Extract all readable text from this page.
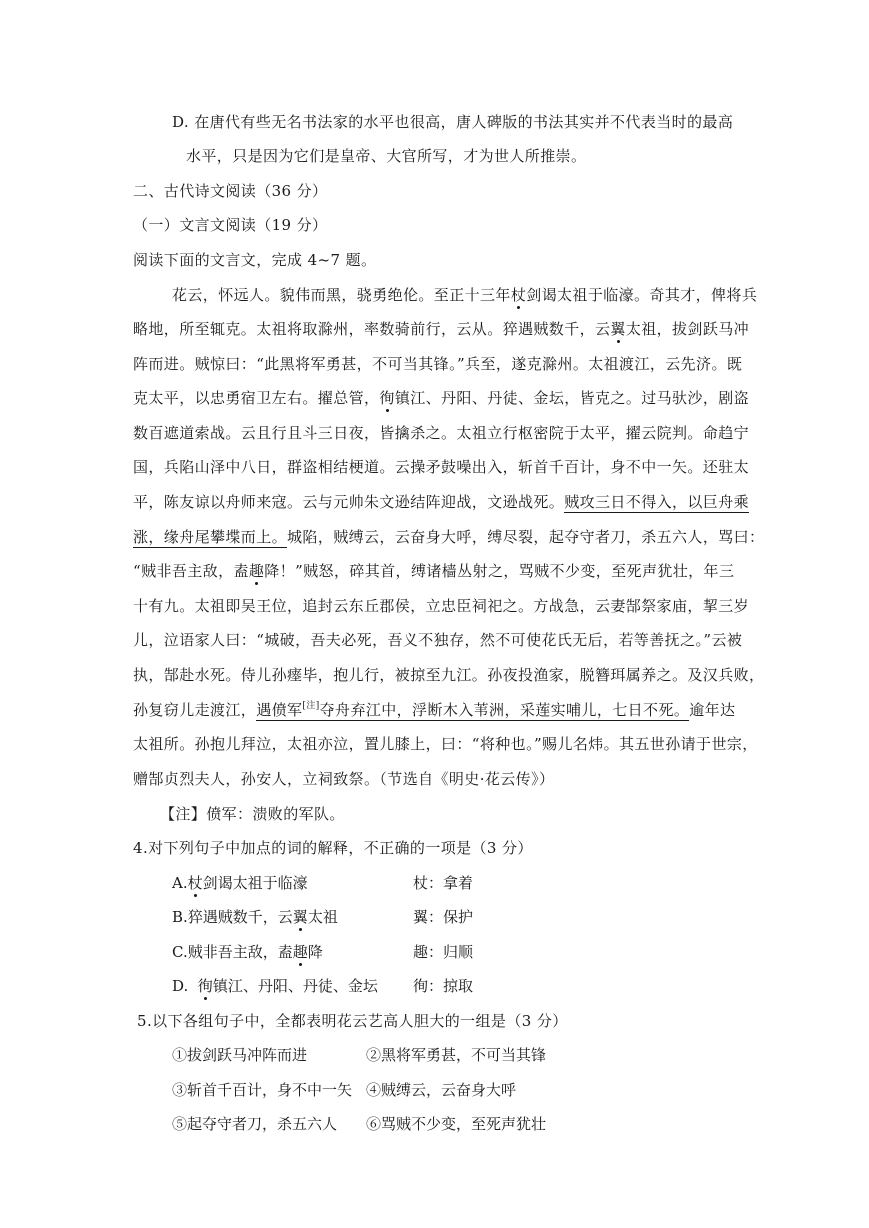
D. 在唐代有些无名书法家的水平也很高，唐人碑版的书法其实并不代表当时的最高
水平，只是因为它们是皇帝、大官所写，才为世人所推崇。
二、古代诗文阅读（36 分）
（一）文言文阅读（19 分）
阅读下面的文言文，完成 4~7 题。
花云，怀远人。貌伟而黑，骁勇绝伦。至正十三年杖剑谒太祖于临濠。奇其才，俾将兵
略地，所至辄克。太祖将取滁州，率数骑前行，云从。猝遇贼数千，云翼太祖，拔剑跃马冲
阵而进。贼惊曰：“此黑将军勇甚，不可当其锋。”兵至，遂克滁州。太祖渡江，云先济。既
克太平，以忠勇宿卫左右。擢总管，徇镇江、丹阳、丹徒、金坛，皆克之。过马驮沙，剧盗
数百遮道索战。云且行且斗三日夜，皆擒杀之。太祖立行枢密院于太平，擢云院判。命趋宁
国，兵陷山泽中八日，群盗相结梗道。云操矛鼓噪出入，斩首千百计，身不中一矢。还驻太
平，陈友谅以舟师来寇。云与元帅朱文逊结阵迎战，文逊战死。贼攻三日不得入，以巨舟乘
涨，缘舟尾攀堞而上。城陷，贼缚云，云奋身大呼，缚尽裂，起夺守者刀，杀五六人，骂曰：
“贼非吾主敌，盍趣降！”贼怒，碎其首，缚诸樯丛射之，骂贼不少变，至死声犹壮，年三
十有九。太祖即吴王位，追封云东丘郡侯，立忠臣祠祀之。方战急，云妻郜祭家庙，挈三岁
儿，泣语家人曰：“城破，吾夫必死，吾义不独存，然不可使花氏无后，若等善抚之。”云被
执，郜赴水死。侍儿孙瘗毕，抱儿行，被掠至九江。孙夜投渔家，脱簪珥属养之。及汉兵败，
孙复窃儿走渡江，遇偾军[注]夺舟弃江中，浮断木入苇洲，采莲实哺儿，七日不死。逾年达
太祖所。孙抱儿拜泣，太祖亦泣，置儿膝上，曰：“将种也。”赐儿名炜。其五世孙请于世宗，
赠郜贞烈夫人，孙安人，立祠致祭。（节选自《明史·花云传》）
【注】偾军：溃败的军队。
4.对下列句子中加点的词的解释，不正确的一项是（3 分）
A.杖剑谒太祖于临濠	杖：拿着
B.猝遇贼数千，云翼太祖	翼：保护
C.贼非吾主敌，盍趣降	趣：归顺
D.  徇镇江、丹阳、丹徒、金坛 徇：掠取
5.以下各组句子中，全都表明花云艺高人胆大的一组是（3 分）
①拔剑跃马冲阵而进	②黑将军勇甚，不可当其锋
③斩首千百计，身不中一矢 ④贼缚云，云奋身大呼
⑤起夺守者刀，杀五六人 ⑥骂贼不少变，至死声犹壮
